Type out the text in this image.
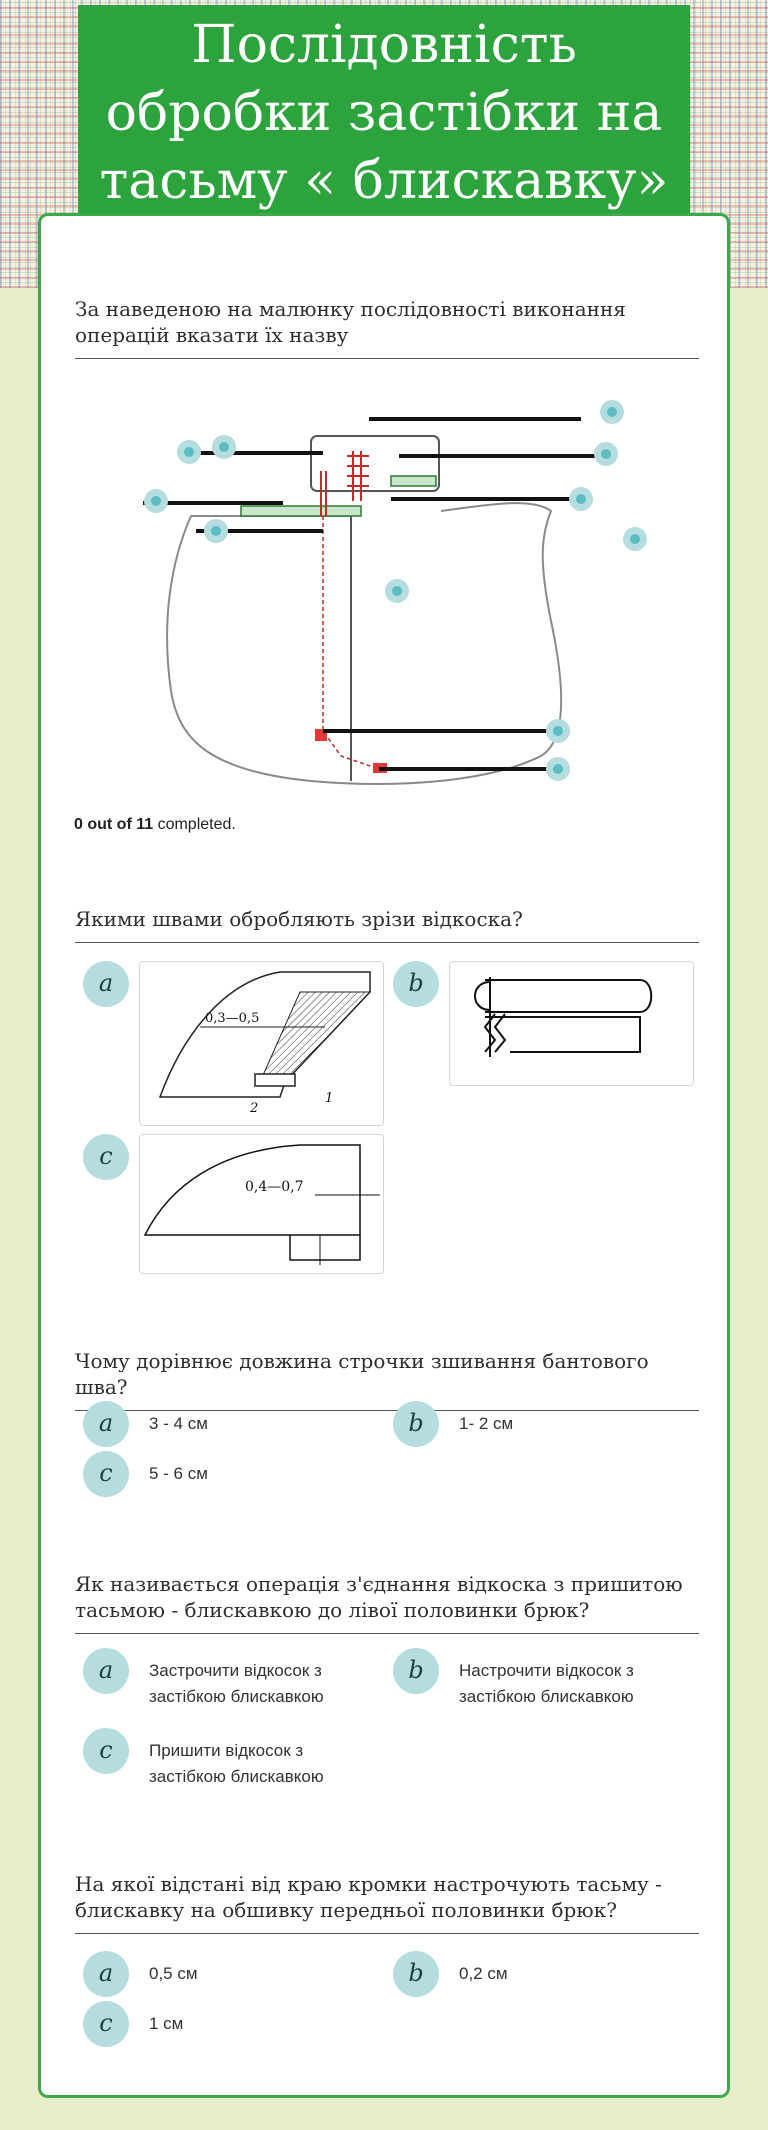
Послідовність обробки застібки на тасьму « блискавку»
За наведеною на малюнку послідовності виконання операцій вказати їх назву
0 out of 11 completed.
Якими швами обробляють зрізи відкоска?
a
0,3—0,5
1
2
b
c
0,4—0,7
Чому дорівнює довжина строчки зшивання бантового шва?
a	3 - 4 см	b	1- 2 см
c	5 - 6 см
Як називається операція з'єднання відкоска з пришитою тасьмою - блискавкою до лівої половинки брюк?
a	Застрочити відкосок з застібкою блискавкою
b	Настрочити відкосок з застібкою блискавкою
c	Пришити відкосок з застібкою блискавкою
На якої відстані від краю кромки настрочують тасьму - блискавку на обшивку передньої половинки брюк?
a	0,5 см	b	0,2 см
c	1 см
